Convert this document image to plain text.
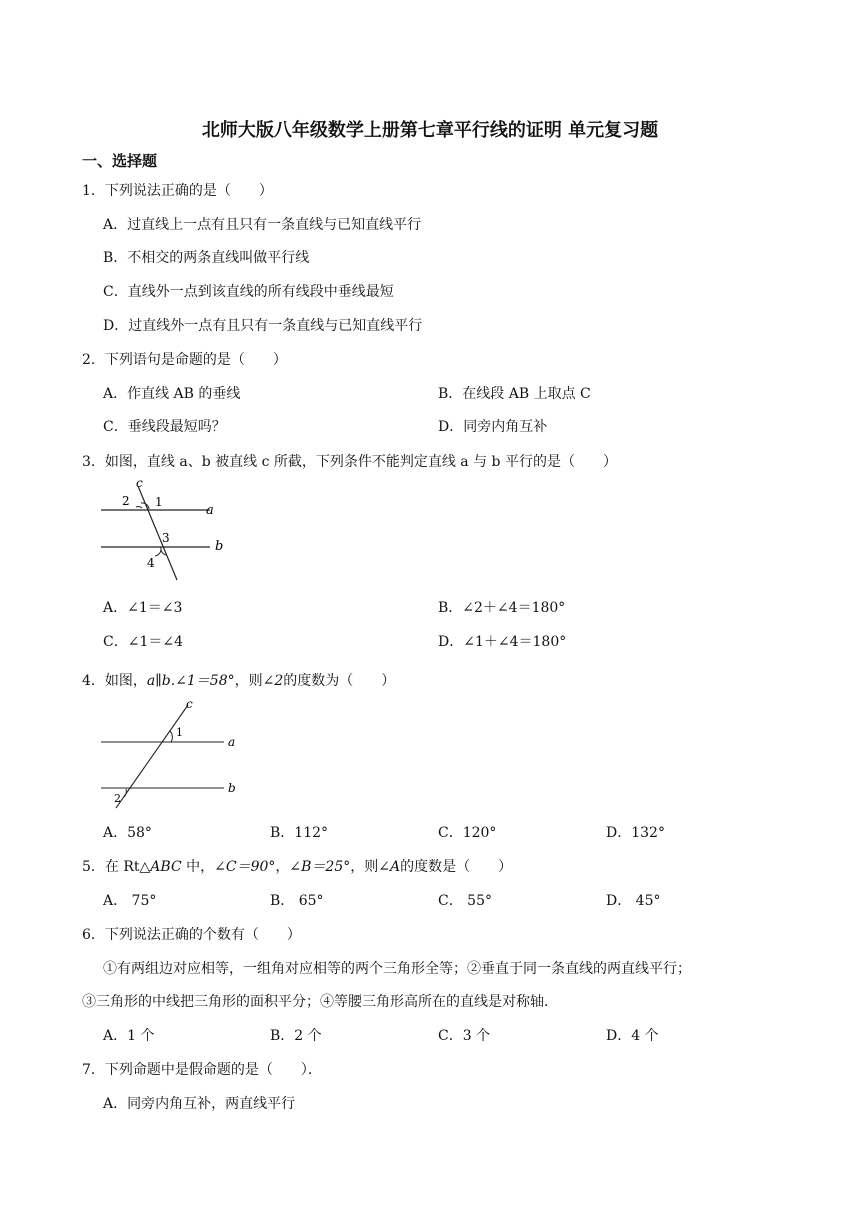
北师大版八年级数学上册第七章平行线的证明 单元复习题
一、选择题
1．下列说法正确的是（　　）
A．过直线上一点有且只有一条直线与已知直线平行
B．不相交的两条直线叫做平行线
C．直线外一点到该直线的所有线段中垂线最短
D．过直线外一点有且只有一条直线与已知直线平行
2．下列语句是命题的是（　　）
A．作直线 AB 的垂线	B．在线段 AB 上取点 C
C．垂线段最短吗？	D．同旁内角互补
3．如图，直线 a、b 被直线 c 所截，下列条件不能判定直线 a 与 b 平行的是（　　）
c
a
b
1
2
3
4
A．∠1＝∠3	B．∠2＋∠4＝180°
C．∠1＝∠4	D．∠1＋∠4＝180°
4．如图，a∥b.∠1＝58°，则∠2的度数为（　　）
c
a
b
1
2
A．58°	B．112°	C．120°	D．132°
5．在 Rt△ABC 中，∠C＝90°，∠B＝25°，则∠A的度数是（　　）
A． 75°	B． 65°	C． 55°	D． 45°
6．下列说法正确的个数有（　　）
①有两组边对应相等，一组角对应相等的两个三角形全等；②垂直于同一条直线的两直线平行；
③三角形的中线把三角形的面积平分；④等腰三角形高所在的直线是对称轴．
A．1 个	B．2 个	C．3 个	D．4 个
7．下列命题中是假命题的是（　　）．
A．同旁内角互补，两直线平行
